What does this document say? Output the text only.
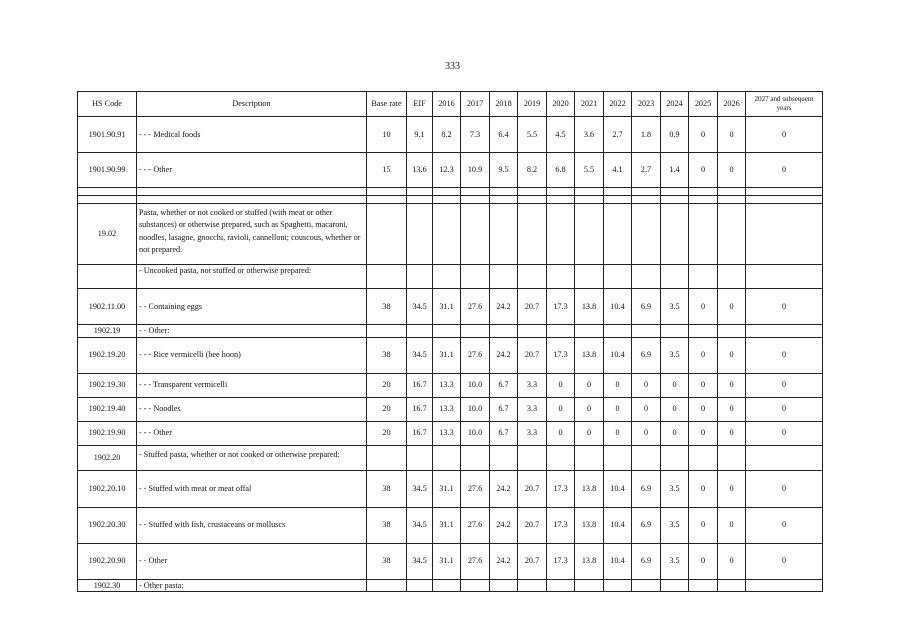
333
HS Code	Description	Base rate	EIF	2016	2017	2018	2019	2020	2021	2022	2023	2024	2025	2026	2027 and subsequent years
1901.90.91	- - - Medical foods	10	9.1	8.2	7.3	6.4	5.5	4.5	3.6	2.7	1.8	0.9	0	0	0
1901.90.99	- - - Other	15	13.6	12.3	10.9	9.5	8.2	6.8	5.5	4.1	2.7	1.4	0	0	0

19.02	Pasta, whether or not cooked or stuffed (with meat or other substances) or otherwise prepared, such as Spaghetti, macaroni, noodles, lasagne, gnocchi, ravioli, cannelloni; couscous, whether or not prepared.														
	- Uncooked pasta, not stuffed or otherwise prepared:														
1902.11.00	- - Containing eggs	38	34.5	31.1	27.6	24.2	20.7	17.3	13.8	10.4	6.9	3.5	0	0	0
1902.19	- - Other:														
1902.19.20	- - - Rice vermicelli (bee hoon)	38	34.5	31.1	27.6	24.2	20.7	17.3	13.8	10.4	6.9	3.5	0	0	0
1902.19.30	- - - Transparent vermicelli	20	16.7	13.3	10.0	6.7	3.3	0	0	0	0	0	0	0	0
1902.19.40	- - - Noodles	20	16.7	13.3	10.0	6.7	3.3	0	0	0	0	0	0	0	0
1902.19.90	- - - Other	20	16.7	13.3	10.0	6.7	3.3	0	0	0	0	0	0	0	0
1902.20	- Stuffed pasta, whether or not cooked or otherwise prepared:														
1902.20.10	- - Stuffed with meat or meat offal	38	34.5	31.1	27.6	24.2	20.7	17.3	13.8	10.4	6.9	3.5	0	0	0
1902.20.30	- - Stuffed with fish, crustaceans or molluscs	38	34.5	31.1	27.6	24.2	20.7	17.3	13.8	10.4	6.9	3.5	0	0	0
1902.20.90	- - Other	38	34.5	31.1	27.6	24.2	20.7	17.3	13.8	10.4	6.9	3.5	0	0	0
1902.30	- Other pasta:														
